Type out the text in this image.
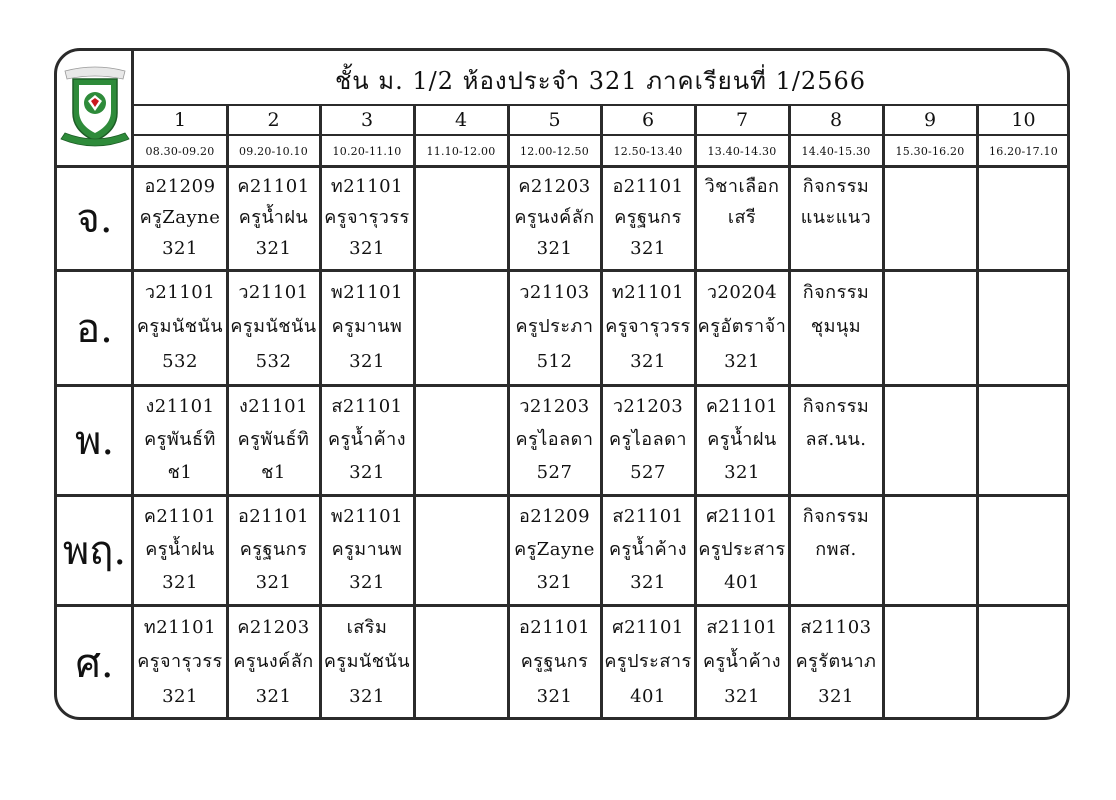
ชั้น ม. 1/2 ห้องประจำ 321 ภาคเรียนที่ 1/2566
1
08.30-09.20
2
09.20-10.10
3
10.20-11.10
4
11.10-12.00
5
12.00-12.50
6
12.50-13.40
7
13.40-14.30
8
14.40-15.30
9
15.30-16.20
10
16.20-17.10
จ.
อ21209
ครูZayne
321
ค21101
ครูน้ำฝน
321
ท21101
ครูจารุวรร
321

ค21203
ครูนงค์ลัก
321
อ21101
ครูฐนกร
321
วิชาเลือก
เสรี

กิจกรรม
แนะแนว

อ.
ว21101
ครูมนัชนัน
532
ว21101
ครูมนัชนัน
532
พ21101
ครูมานพ
321

ว21103
ครูประภา
512
ท21101
ครูจารุวรร
321
ว20204
ครูอัตราจ้า
321
กิจกรรม
ชุมนุม

พ.
ง21101
ครูพันธ์ทิ
ช1
ง21101
ครูพันธ์ทิ
ช1
ส21101
ครูน้ำค้าง
321

ว21203
ครูไอลดา
527
ว21203
ครูไอลดา
527
ค21101
ครูน้ำฝน
321
กิจกรรม
ลส.นน.

พฤ.
ค21101
ครูน้ำฝน
321
อ21101
ครูฐนกร
321
พ21101
ครูมานพ
321

อ21209
ครูZayne
321
ส21101
ครูน้ำค้าง
321
ศ21101
ครูประสาร
401
กิจกรรม
กพส.

ศ.
ท21101
ครูจารุวรร
321
ค21203
ครูนงค์ลัก
321
เสริม
ครูมนัชนัน
321

อ21101
ครูฐนกร
321
ศ21101
ครูประสาร
401
ส21101
ครูน้ำค้าง
321
ส21103
ครูรัตนาภ
321
